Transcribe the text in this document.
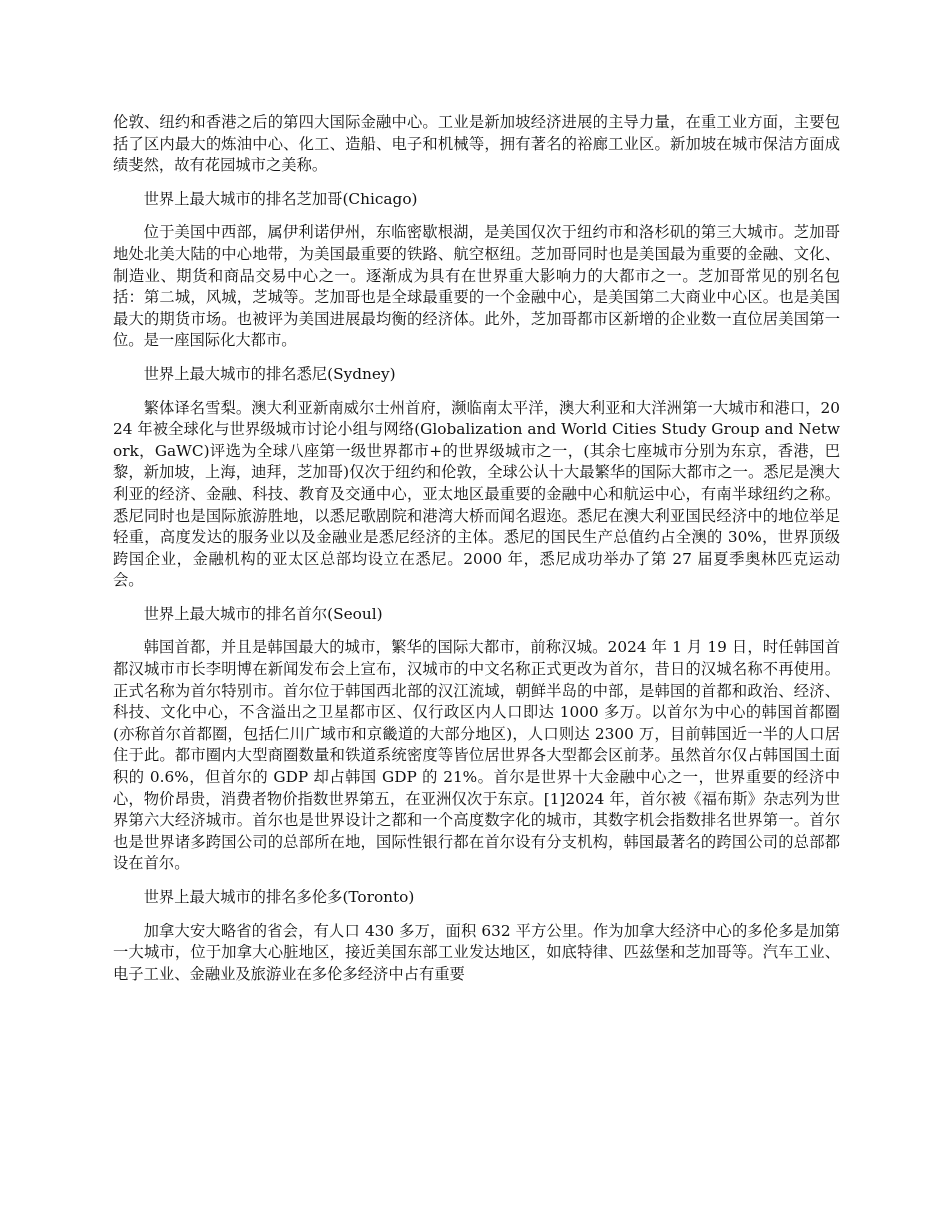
伦敦、纽约和香港之后的第四大国际金融中心。工业是新加坡经济进展的主导力量，在重工业方面，主要包括了区内最大的炼油中心、化工、造船、电子和机械等，拥有著名的裕廊工业区。新加坡在城市保洁方面成绩斐然，故有花园城市之美称。

世界上最大城市的排名芝加哥(Chicago)

位于美国中西部，属伊利诺伊州，东临密歇根湖，是美国仅次于纽约市和洛杉矶的第三大城市。芝加哥地处北美大陆的中心地带，为美国最重要的铁路、航空枢纽。芝加哥同时也是美国最为重要的金融、文化、制造业、期货和商品交易中心之一。逐渐成为具有在世界重大影响力的大都市之一。芝加哥常见的别名包括：第二城，风城，芝城等。芝加哥也是全球最重要的一个金融中心，是美国第二大商业中心区。也是美国最大的期货市场。也被评为美国进展最均衡的经济体。此外，芝加哥都市区新增的企业数一直位居美国第一位。是一座国际化大都市。

世界上最大城市的排名悉尼(Sydney)

繁体译名雪梨。澳大利亚新南威尔士州首府，濒临南太平洋，澳大利亚和大洋洲第一大城市和港口，2024 年被全球化与世界级城市讨论小组与网络(Globalization and World Cities Study Group and Network，GaWC)评选为全球八座第一级世界都市+的世界级城市之一，(其余七座城市分别为东京，香港，巴黎，新加坡，上海，迪拜，芝加哥)仅次于纽约和伦敦，全球公认十大最繁华的国际大都市之一。悉尼是澳大利亚的经济、金融、科技、教育及交通中心，亚太地区最重要的金融中心和航运中心，有南半球纽约之称。悉尼同时也是国际旅游胜地，以悉尼歌剧院和港湾大桥而闻名遐迩。悉尼在澳大利亚国民经济中的地位举足轻重，高度发达的服务业以及金融业是悉尼经济的主体。悉尼的国民生产总值约占全澳的 30%，世界顶级跨国企业，金融机构的亚太区总部均设立在悉尼。2000 年，悉尼成功举办了第 27 届夏季奥林匹克运动会。

世界上最大城市的排名首尔(Seoul)

韩国首都，并且是韩国最大的城市，繁华的国际大都市，前称汉城。2024 年 1 月 19 日，时任韩国首都汉城市市长李明博在新闻发布会上宣布，汉城市的中文名称正式更改为首尔，昔日的汉城名称不再使用。正式名称为首尔特别市。首尔位于韩国西北部的汉江流域，朝鲜半岛的中部，是韩国的首都和政治、经济、科技、文化中心，不含溢出之卫星都市区、仅行政区内人口即达 1000 多万。以首尔为中心的韩国首都圈(亦称首尔首都圈，包括仁川广域市和京畿道的大部分地区)，人口则达 2300 万，目前韩国近一半的人口居住于此。都市圈内大型商圈数量和铁道系统密度等皆位居世界各大型都会区前茅。虽然首尔仅占韩国国土面积的 0.6%，但首尔的 GDP 却占韩国 GDP 的 21%。首尔是世界十大金融中心之一，世界重要的经济中心，物价昂贵，消费者物价指数世界第五，在亚洲仅次于东京。[1]2024 年，首尔被《福布斯》杂志列为世界第六大经济城市。首尔也是世界设计之都和一个高度数字化的城市，其数字机会指数排名世界第一。首尔也是世界诸多跨国公司的总部所在地，国际性银行都在首尔设有分支机构，韩国最著名的跨国公司的总部都设在首尔。

世界上最大城市的排名多伦多(Toronto)

加拿大安大略省的省会，有人口 430 多万，面积 632 平方公里。作为加拿大经济中心的多伦多是加第一大城市，位于加拿大心脏地区，接近美国东部工业发达地区，如底特律、匹兹堡和芝加哥等。汽车工业、电子工业、金融业及旅游业在多伦多经济中占有重要
